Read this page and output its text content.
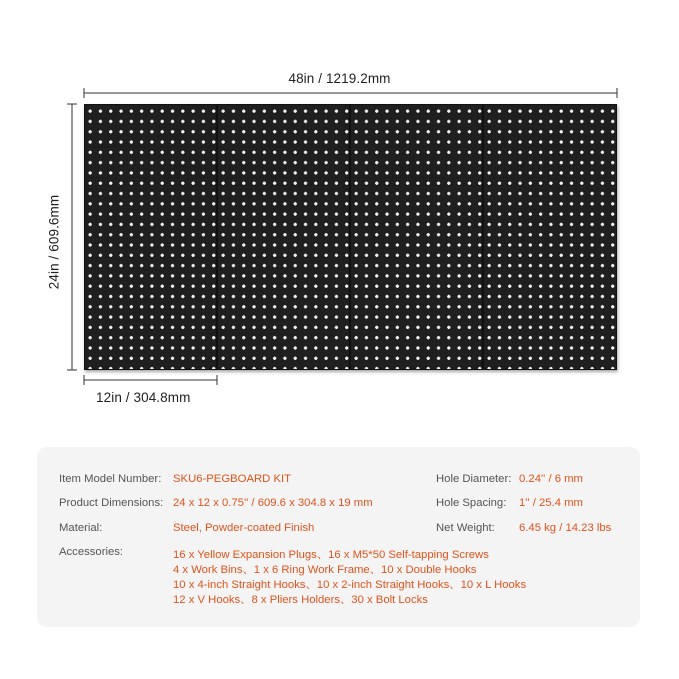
48in / 1219.2mm
24in / 609.6mm
12in / 304.8mm
Item Model Number: SKU6-PEGBOARD KIT
Product Dimensions: 24 x 12 x 0.75'' / 609.6 x 304.8 x 19 mm
Material:	Steel, Powder-coated Finish
Accessories:
Hole Diameter: 0.24'' / 6 mm
Hole Spacing: 1'' / 25.4 mm
Net Weight: 6.45 kg / 14.23 lbs
16 x Yellow Expansion Plugs、16 x M5*50 Self-tapping Screws
4 x Work Bins、1 x 6 Ring Work Frame、10 x Double Hooks
10 x 4-inch Straight Hooks、10 x 2-inch Straight Hooks、10 x L Hooks
12 x V Hooks、8 x Pliers Holders、30 x Bolt Locks
